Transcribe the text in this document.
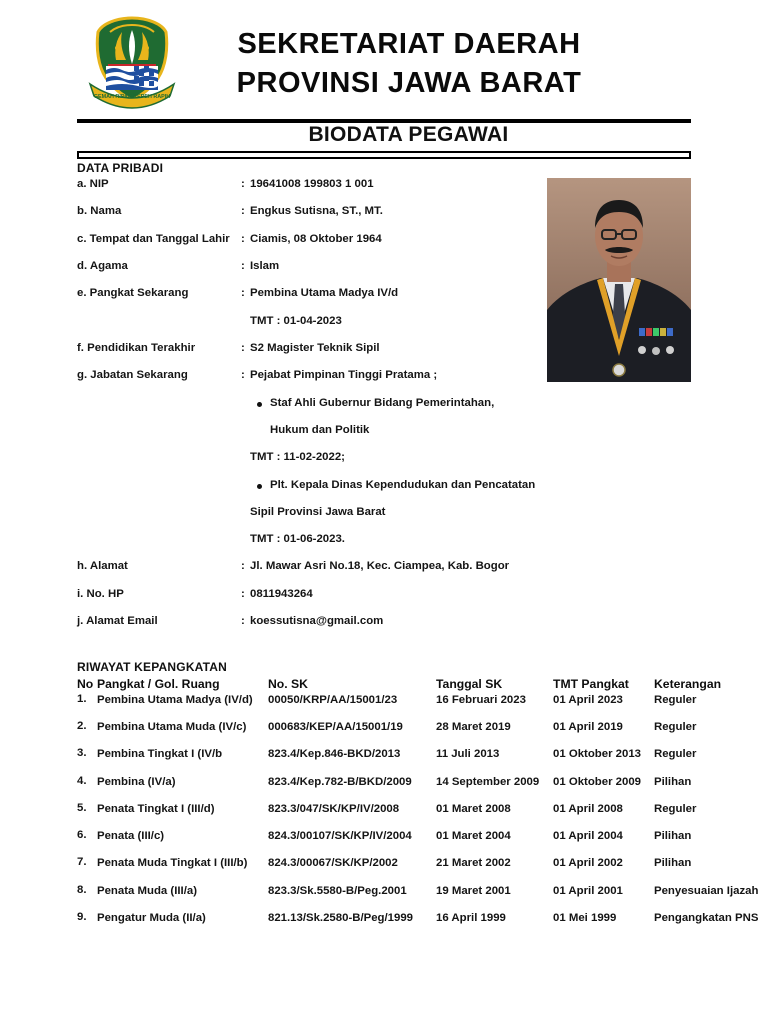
GEMAH RIPAH REPEH RAPIH
SEKRETARIAT DAERAH
PROVINSI JAWA BARAT
BIODATA PEGAWAI
DATA PRIBADI
a. NIP	: 19641008 199803 1 001
b. Nama	: Engkus Sutisna, ST., MT.
c. Tempat dan Tanggal Lahir : Ciamis, 08 Oktober 1964
d. Agama	: Islam
e. Pangkat Sekarang	: Pembina Utama Madya IV/d
TMT : 01-04-2023
f. Pendidikan Terakhir	: S2 Magister Teknik Sipil
g. Jabatan Sekarang	: Pejabat Pimpinan Tinggi Pratama ;
Staf Ahli Gubernur Bidang Pemerintahan,
Hukum dan Politik
TMT : 11-02-2022;
Plt. Kepala Dinas Kependudukan dan Pencatatan
Sipil Provinsi Jawa Barat
TMT : 01-06-2023.
h. Alamat	: Jl. Mawar Asri No.18, Kec. Ciampea, Kab. Bogor
i. No. HP	: 0811943264
j. Alamat Email	: koessutisna@gmail.com
RIWAYAT KEPANGKATAN
No Pangkat / Gol. Ruang	No. SK	Tanggal SK	TMT Pangkat Keterangan
1. Pembina Utama Madya (IV/d) 00050/KRP/AA/15001/23	16 Februari 2023 01 April 2023	Reguler
2. Pembina Utama Muda (IV/c) 000683/KEP/AA/15001/19	28 Maret 2019	01 April 2019	Reguler
3. Pembina Tingkat I (IV/b	823.4/Kep.846-BKD/2013	11 Juli 2013	01 Oktober 2013 Reguler
4. Pembina (IV/a)	823.4/Kep.782-B/BKD/2009 14 September 2009 01 Oktober 2009 Pilihan
5. Penata Tingkat I (III/d)	823.3/047/SK/KP/IV/2008	01 Maret 2008	01 April 2008	Reguler
6. Penata (III/c)	824.3/00107/SK/KP/IV/2004 01 Maret 2004	01 April 2004	Pilihan
7. Penata Muda Tingkat I (III/b) 824.3/00067/SK/KP/2002	21 Maret 2002	01 April 2002	Pilihan
8. Penata Muda (III/a)	823.3/Sk.5580-B/Peg.2001	19 Maret 2001	01 April 2001	Penyesuaian Ijazah
9. Pengatur Muda (II/a)	821.13/Sk.2580-B/Peg/1999 16 April 1999	01 Mei 1999	Pengangkatan PNS
